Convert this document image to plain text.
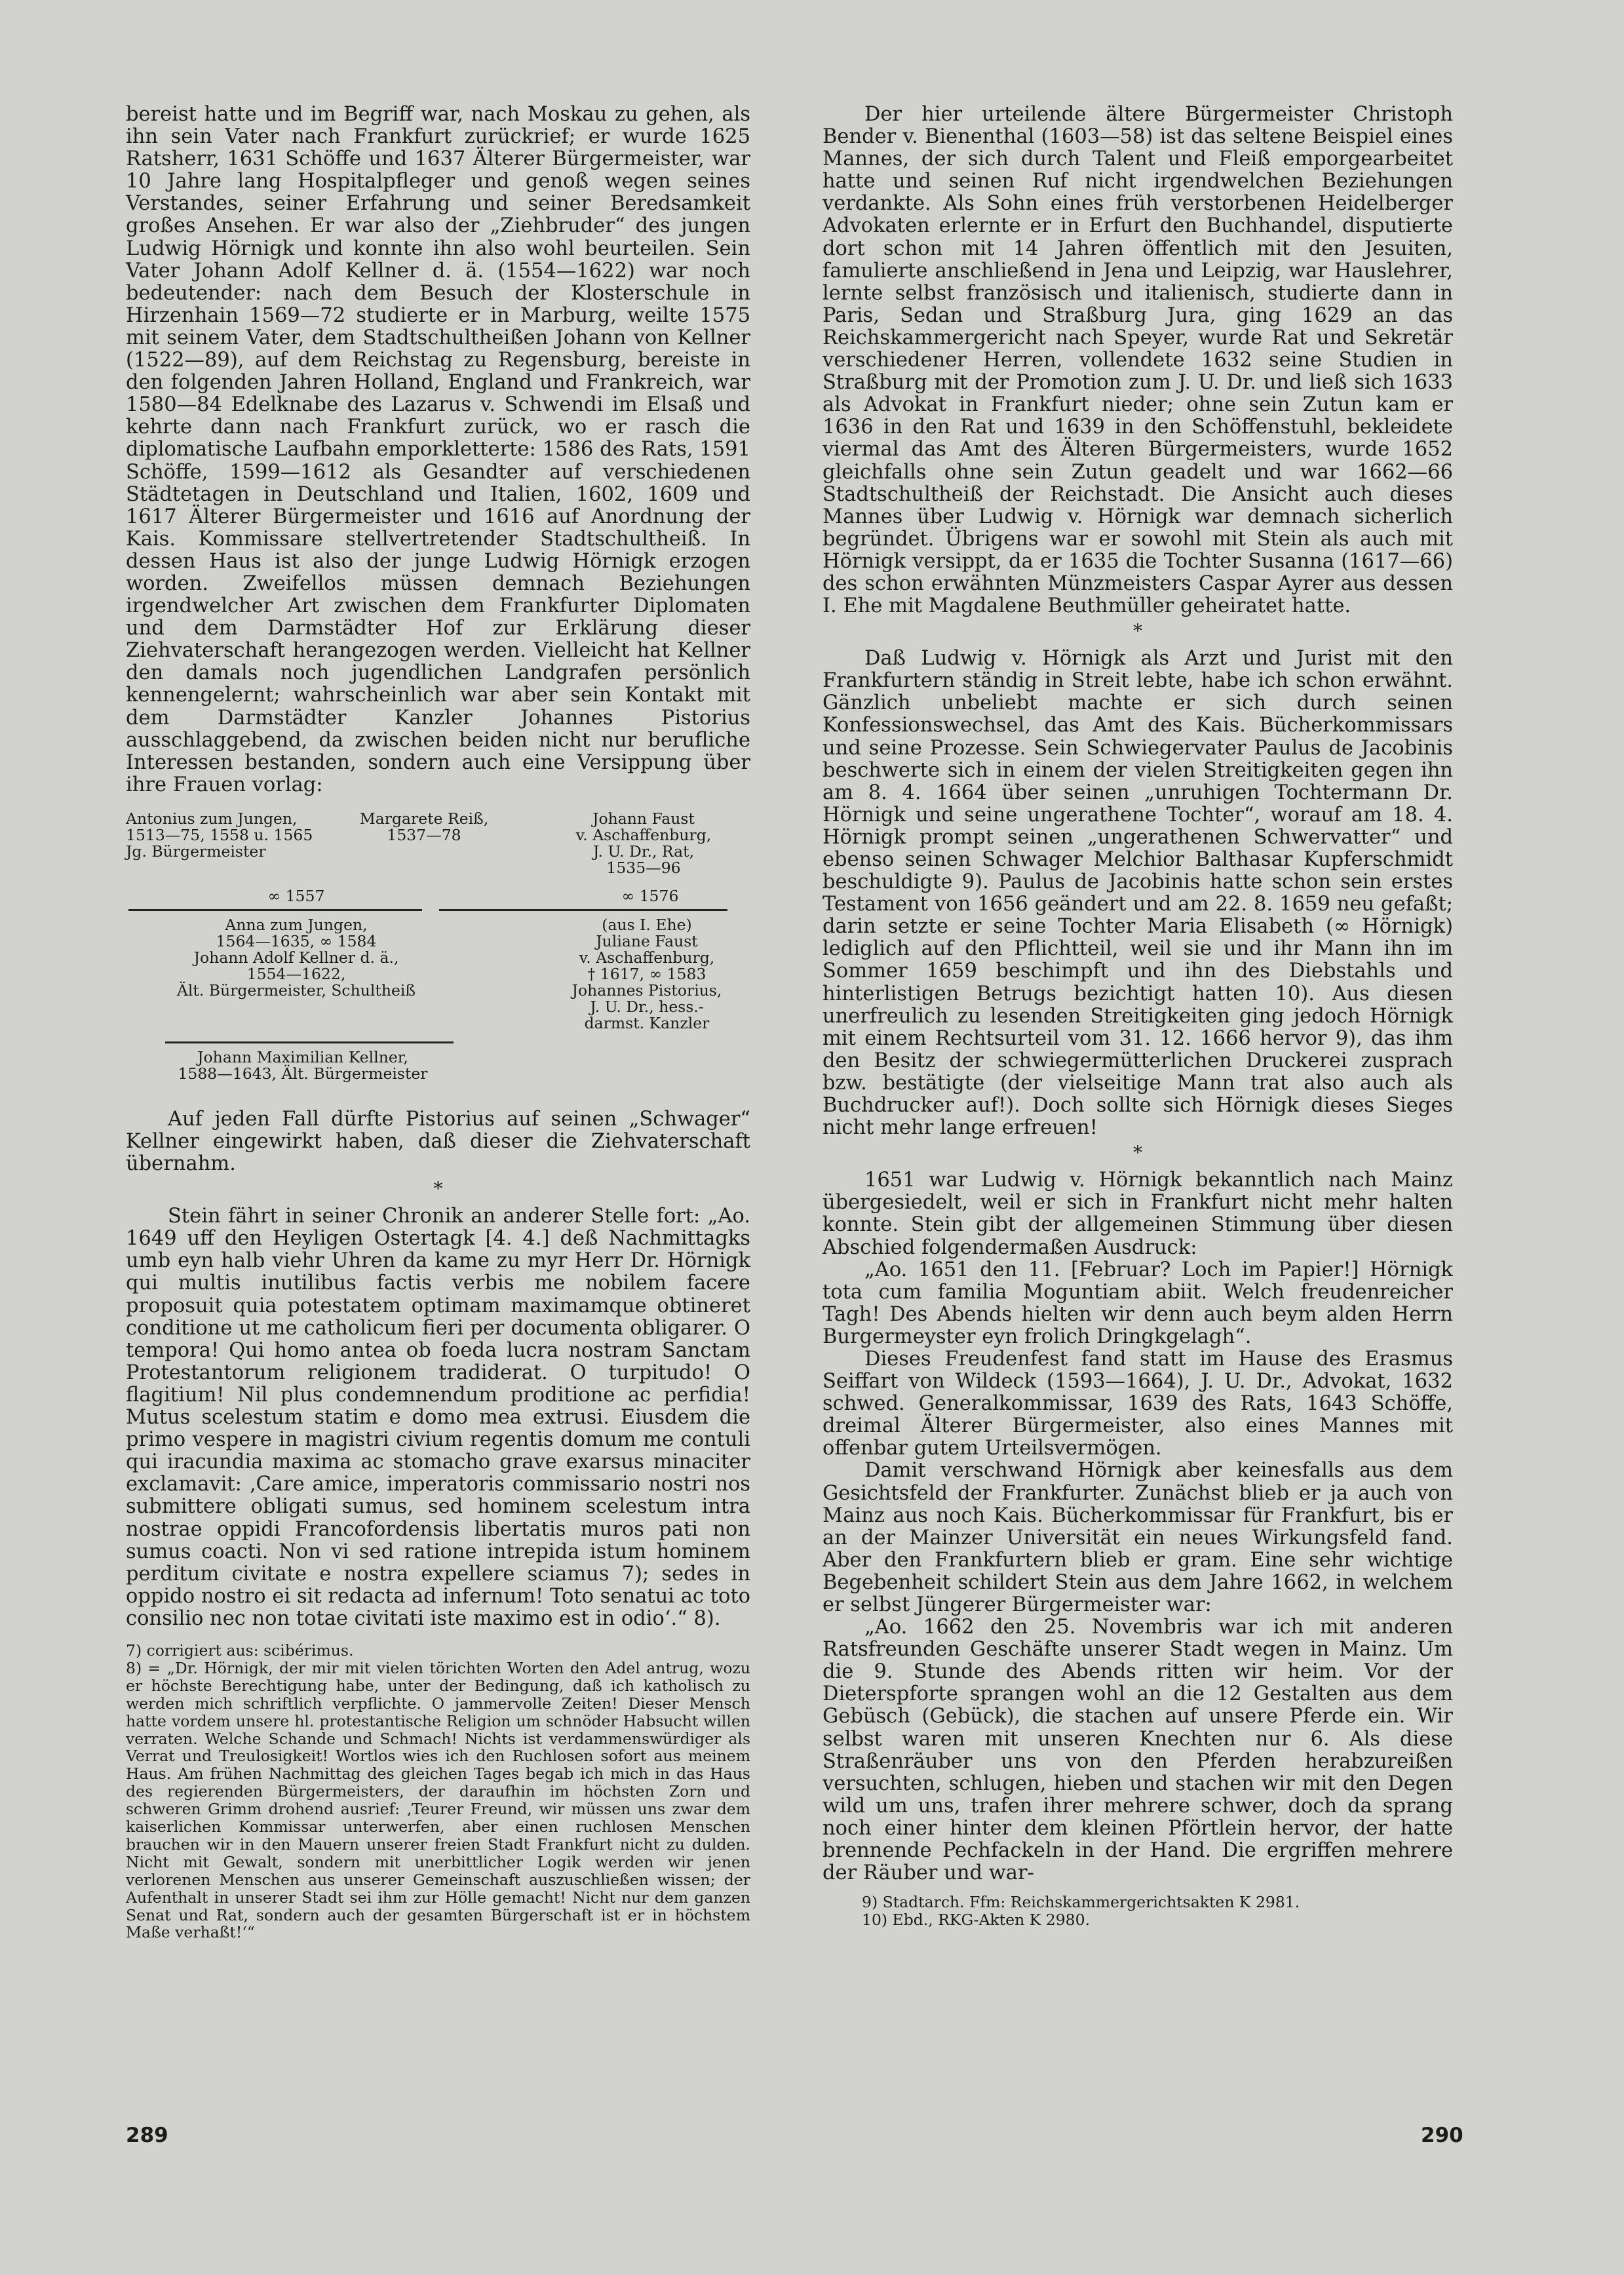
bereist hatte und im Begriff war, nach Moskau zu gehen, als ihn sein Vater nach Frankfurt zurückrief; er wurde 1625 Ratsherr, 1631 Schöffe und 1637 Älterer Bürgermeister, war 10 Jahre lang Hospitalpfleger und genoß wegen seines Verstandes, seiner Erfahrung und seiner Beredsamkeit großes Ansehen. Er war also der „Ziehbruder“ des jungen Ludwig Hörnigk und konnte ihn also wohl beurteilen. Sein Vater Johann Adolf Kellner d. ä. (1554—1622) war noch bedeutender: nach dem Besuch der Klosterschule in Hirzenhain 1569—72 studierte er in Marburg, weilte 1575 mit seinem Vater, dem Stadtschultheißen Johann von Kellner (1522—89), auf dem Reichstag zu Regensburg, bereiste in den folgenden Jahren Holland, England und Frankreich, war 1580—84 Edelknabe des Lazarus v. Schwendi im Elsaß und kehrte dann nach Frankfurt zurück, wo er rasch die diplomatische Laufbahn emporkletterte: 1586 des Rats, 1591 Schöffe, 1599—1612 als Gesandter auf verschiedenen Städtetagen in Deutschland und Italien, 1602, 1609 und 1617 Älterer Bürgermeister und 1616 auf Anordnung der Kais. Kommissare stellvertretender Stadtschultheiß. In dessen Haus ist also der junge Ludwig Hörnigk erzogen worden. Zweifellos müssen demnach Beziehungen irgendwelcher Art zwischen dem Frankfurter Diplomaten und dem Darmstädter Hof zur Erklärung dieser Ziehvaterschaft herangezogen werden. Vielleicht hat Kellner den damals noch jugendlichen Landgrafen persönlich kennengelernt; wahrscheinlich war aber sein Kontakt mit dem Darmstädter Kanzler Johannes Pistorius ausschlaggebend, da zwischen beiden nicht nur berufliche Interessen bestanden, sondern auch eine Versippung über ihre Frauen vorlag:

Antonius zum Jungen,
1513—75, 1558 u. 1565
Jg. Bürgermeister
Margarete Reiß,
1537—78
Johann Faust
v. Aschaffenburg,
J. U. Dr., Rat,
1535—96
∞ 1557	∞ 1576
Anna zum Jungen,
1564—1635, ∞ 1584
Johann Adolf Kellner d. ä.,
1554—1622,
Ält. Bürgermeister, Schultheiß
(aus I. Ehe)
Juliane Faust
v. Aschaffenburg,
† 1617, ∞ 1583
Johannes Pistorius,
J. U. Dr., hess.-
darmst. Kanzler
Johann Maximilian Kellner,
1588—1643, Ält. Bürgermeister

Auf jeden Fall dürfte Pistorius auf seinen „Schwager“ Kellner eingewirkt haben, daß dieser die Ziehvaterschaft übernahm.

*

Stein fährt in seiner Chronik an anderer Stelle fort: „Ao. 1649 uff den Heyligen Ostertagk [4. 4.] deß Nachmittagks umb eyn halb viehr Uhren da kame zu myr Herr Dr. Hörnigk qui multis inutilibus factis verbis me nobilem facere proposuit quia potestatem optimam maximamque obtineret conditione ut me catholicum fieri per documenta obligarer. O tempora! Qui homo antea ob foeda lucra nostram Sanctam Protestantorum religionem tradiderat. O turpitudo! O flagitium! Nil plus condemnendum proditione ac perfidia! Mutus scelestum statim e domo mea extrusi. Eiusdem die primo vespere in magistri civium regentis domum me contuli qui iracundia maxima ac stomacho grave exarsus minaciter exclamavit: ‚Care amice, imperatoris commissario nostri nos submittere obligati sumus, sed hominem scelestum intra nostrae oppidi Francofordensis libertatis muros pati non sumus coacti. Non vi sed ratione intrepida istum hominem perditum civitate e nostra expellere sciamus 7); sedes in oppido nostro ei sit redacta ad infernum! Toto senatui ac toto consilio nec non totae civitati iste maximo est in odio‘.“ 8).

7) corrigiert aus: scibérimus.

8) = „Dr. Hörnigk, der mir mit vielen törichten Worten den Adel antrug, wozu er höchste Berechtigung habe, unter der Bedingung, daß ich katholisch zu werden mich schriftlich verpflichte. O jammervolle Zeiten! Dieser Mensch hatte vordem unsere hl. protestantische Religion um schnöder Habsucht willen verraten. Welche Schande und Schmach! Nichts ist verdammenswürdiger als Verrat und Treulosigkeit! Wortlos wies ich den Ruchlosen sofort aus meinem Haus. Am frühen Nachmittag des gleichen Tages begab ich mich in das Haus des regierenden Bürgermeisters, der daraufhin im höchsten Zorn und schweren Grimm drohend ausrief: ‚Teurer Freund, wir müssen uns zwar dem kaiserlichen Kommissar unterwerfen, aber einen ruchlosen Menschen brauchen wir in den Mauern unserer freien Stadt Frankfurt nicht zu dulden. Nicht mit Gewalt, sondern mit unerbittlicher Logik werden wir jenen verlorenen Menschen aus unserer Gemeinschaft auszuschließen wissen; der Aufenthalt in unserer Stadt sei ihm zur Hölle gemacht! Nicht nur dem ganzen Senat und Rat, sondern auch der gesamten Bürgerschaft ist er in höchstem Maße verhaßt!‘“

Der hier urteilende ältere Bürgermeister Christoph Bender v. Bienenthal (1603—58) ist das seltene Beispiel eines Mannes, der sich durch Talent und Fleiß emporgearbeitet hatte und seinen Ruf nicht irgendwelchen Beziehungen verdankte. Als Sohn eines früh verstorbenen Heidelberger Advokaten erlernte er in Erfurt den Buchhandel, disputierte dort schon mit 14 Jahren öffentlich mit den Jesuiten, famulierte anschließend in Jena und Leipzig, war Hauslehrer, lernte selbst französisch und italienisch, studierte dann in Paris, Sedan und Straßburg Jura, ging 1629 an das Reichskammergericht nach Speyer, wurde Rat und Sekretär verschiedener Herren, vollendete 1632 seine Studien in Straßburg mit der Promotion zum J. U. Dr. und ließ sich 1633 als Advokat in Frankfurt nieder; ohne sein Zutun kam er 1636 in den Rat und 1639 in den Schöffenstuhl, bekleidete viermal das Amt des Älteren Bürgermeisters, wurde 1652 gleichfalls ohne sein Zutun geadelt und war 1662—66 Stadtschultheiß der Reichstadt. Die Ansicht auch dieses Mannes über Ludwig v. Hörnigk war demnach sicherlich begründet. Übrigens war er sowohl mit Stein als auch mit Hörnigk versippt, da er 1635 die Tochter Susanna (1617—66) des schon erwähnten Münzmeisters Caspar Ayrer aus dessen I. Ehe mit Magdalene Beuthmüller geheiratet hatte.

*

Daß Ludwig v. Hörnigk als Arzt und Jurist mit den Frankfurtern ständig in Streit lebte, habe ich schon erwähnt. Gänzlich unbeliebt machte er sich durch seinen Konfessionswechsel, das Amt des Kais. Bücherkommissars und seine Prozesse. Sein Schwiegervater Paulus de Jacobinis beschwerte sich in einem der vielen Streitigkeiten gegen ihn am 8. 4. 1664 über seinen „unruhigen Tochtermann Dr. Hörnigk und seine ungerathene Tochter“, worauf am 18. 4. Hörnigk prompt seinen „ungerathenen Schwervatter“ und ebenso seinen Schwager Melchior Balthasar Kupferschmidt beschuldigte 9). Paulus de Jacobinis hatte schon sein erstes Testament von 1656 geändert und am 22. 8. 1659 neu gefaßt; darin setzte er seine Tochter Maria Elisabeth (∞ Hörnigk) lediglich auf den Pflichtteil, weil sie und ihr Mann ihn im Sommer 1659 beschimpft und ihn des Diebstahls und hinterlistigen Betrugs bezichtigt hatten 10). Aus diesen unerfreulich zu lesenden Streitigkeiten ging jedoch Hörnigk mit einem Rechtsurteil vom 31. 12. 1666 hervor 9), das ihm den Besitz der schwiegermütterlichen Druckerei zusprach bzw. bestätigte (der vielseitige Mann trat also auch als Buchdrucker auf!). Doch sollte sich Hörnigk dieses Sieges nicht mehr lange erfreuen!

*

1651 war Ludwig v. Hörnigk bekanntlich nach Mainz übergesiedelt, weil er sich in Frankfurt nicht mehr halten konnte. Stein gibt der allgemeinen Stimmung über diesen Abschied folgendermaßen Ausdruck:

„Ao. 1651 den 11. [Februar? Loch im Papier!] Hörnigk tota cum familia Moguntiam abiit. Welch freudenreicher Tagh! Des Abends hielten wir denn auch beym alden Herrn Burgermeyster eyn frolich Dringkgelagh“.

Dieses Freudenfest fand statt im Hause des Erasmus Seiffart von Wildeck (1593—1664), J. U. Dr., Advokat, 1632 schwed. Generalkommissar, 1639 des Rats, 1643 Schöffe, dreimal Älterer Bürgermeister, also eines Mannes mit offenbar gutem Urteilsvermögen.

Damit verschwand Hörnigk aber keinesfalls aus dem Gesichtsfeld der Frankfurter. Zunächst blieb er ja auch von Mainz aus noch Kais. Bücherkommissar für Frankfurt, bis er an der Mainzer Universität ein neues Wirkungsfeld fand. Aber den Frankfurtern blieb er gram. Eine sehr wichtige Begebenheit schildert Stein aus dem Jahre 1662, in welchem er selbst Jüngerer Bürgermeister war:

„Ao. 1662 den 25. Novembris war ich mit anderen Ratsfreunden Geschäfte unserer Stadt wegen in Mainz. Um die 9. Stunde des Abends ritten wir heim. Vor der Dieterspforte sprangen wohl an die 12 Gestalten aus dem Gebüsch (Gebück), die stachen auf unsere Pferde ein. Wir selbst waren mit unseren Knechten nur 6. Als diese Straßenräuber uns von den Pferden herabzureißen versuchten, schlugen, hieben und stachen wir mit den Degen wild um uns, trafen ihrer mehrere schwer, doch da sprang noch einer hinter dem kleinen Pförtlein hervor, der hatte brennende Pechfackeln in der Hand. Die ergriffen mehrere der Räuber und war-

9) Stadtarch. Ffm: Reichskammergerichtsakten K 2981.

10) Ebd., RKG-Akten K 2980.

289	290
